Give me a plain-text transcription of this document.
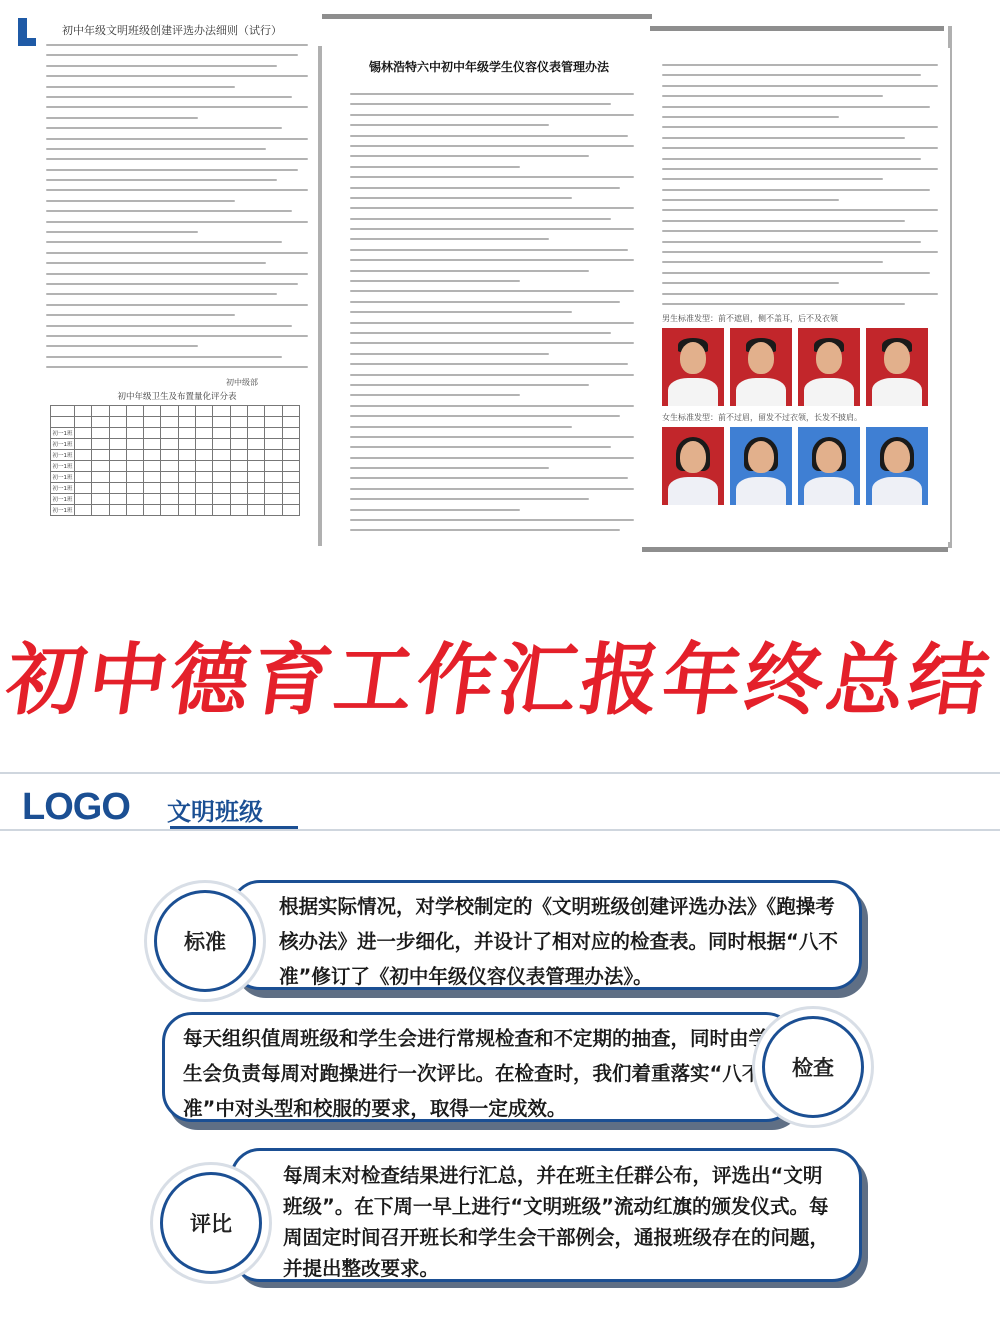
初中年级文明班级创建评选办法细则（试行）
初中级部
初中年级卫生及布置量化评分表

初一1班													
初一1班													
初一1班													
初一1班													
初一1班													
初一1班													
初一1班													
初一1班													
锡林浩特六中初中年级学生仪容仪表管理办法
男生标准发型：前不遮眉，侧不盖耳，后不及衣领
女生标准发型：前不过眉，留发不过衣领，长发不披肩。
初中德育工作汇报年终总结
LOGO 文明班级
根据实际情况，对学校制定的《文明班级创建评选办法》《跑操考核办法》进一步细化，并设计了相对应的检查表。同时根据“八不准”修订了《初中年级仪容仪表管理办法》。
标准
每天组织值周班级和学生会进行常规检查和不定期的抽查，同时由学生会负责每周对跑操进行一次评比。在检查时，我们着重落实“八不准”中对头型和校服的要求，取得一定成效。
检查
每周末对检查结果进行汇总，并在班主任群公布，评选出“文明班级”。在下周一早上进行“文明班级”流动红旗的颁发仪式。每周固定时间召开班长和学生会干部例会，通报班级存在的问题，并提出整改要求。
评比
